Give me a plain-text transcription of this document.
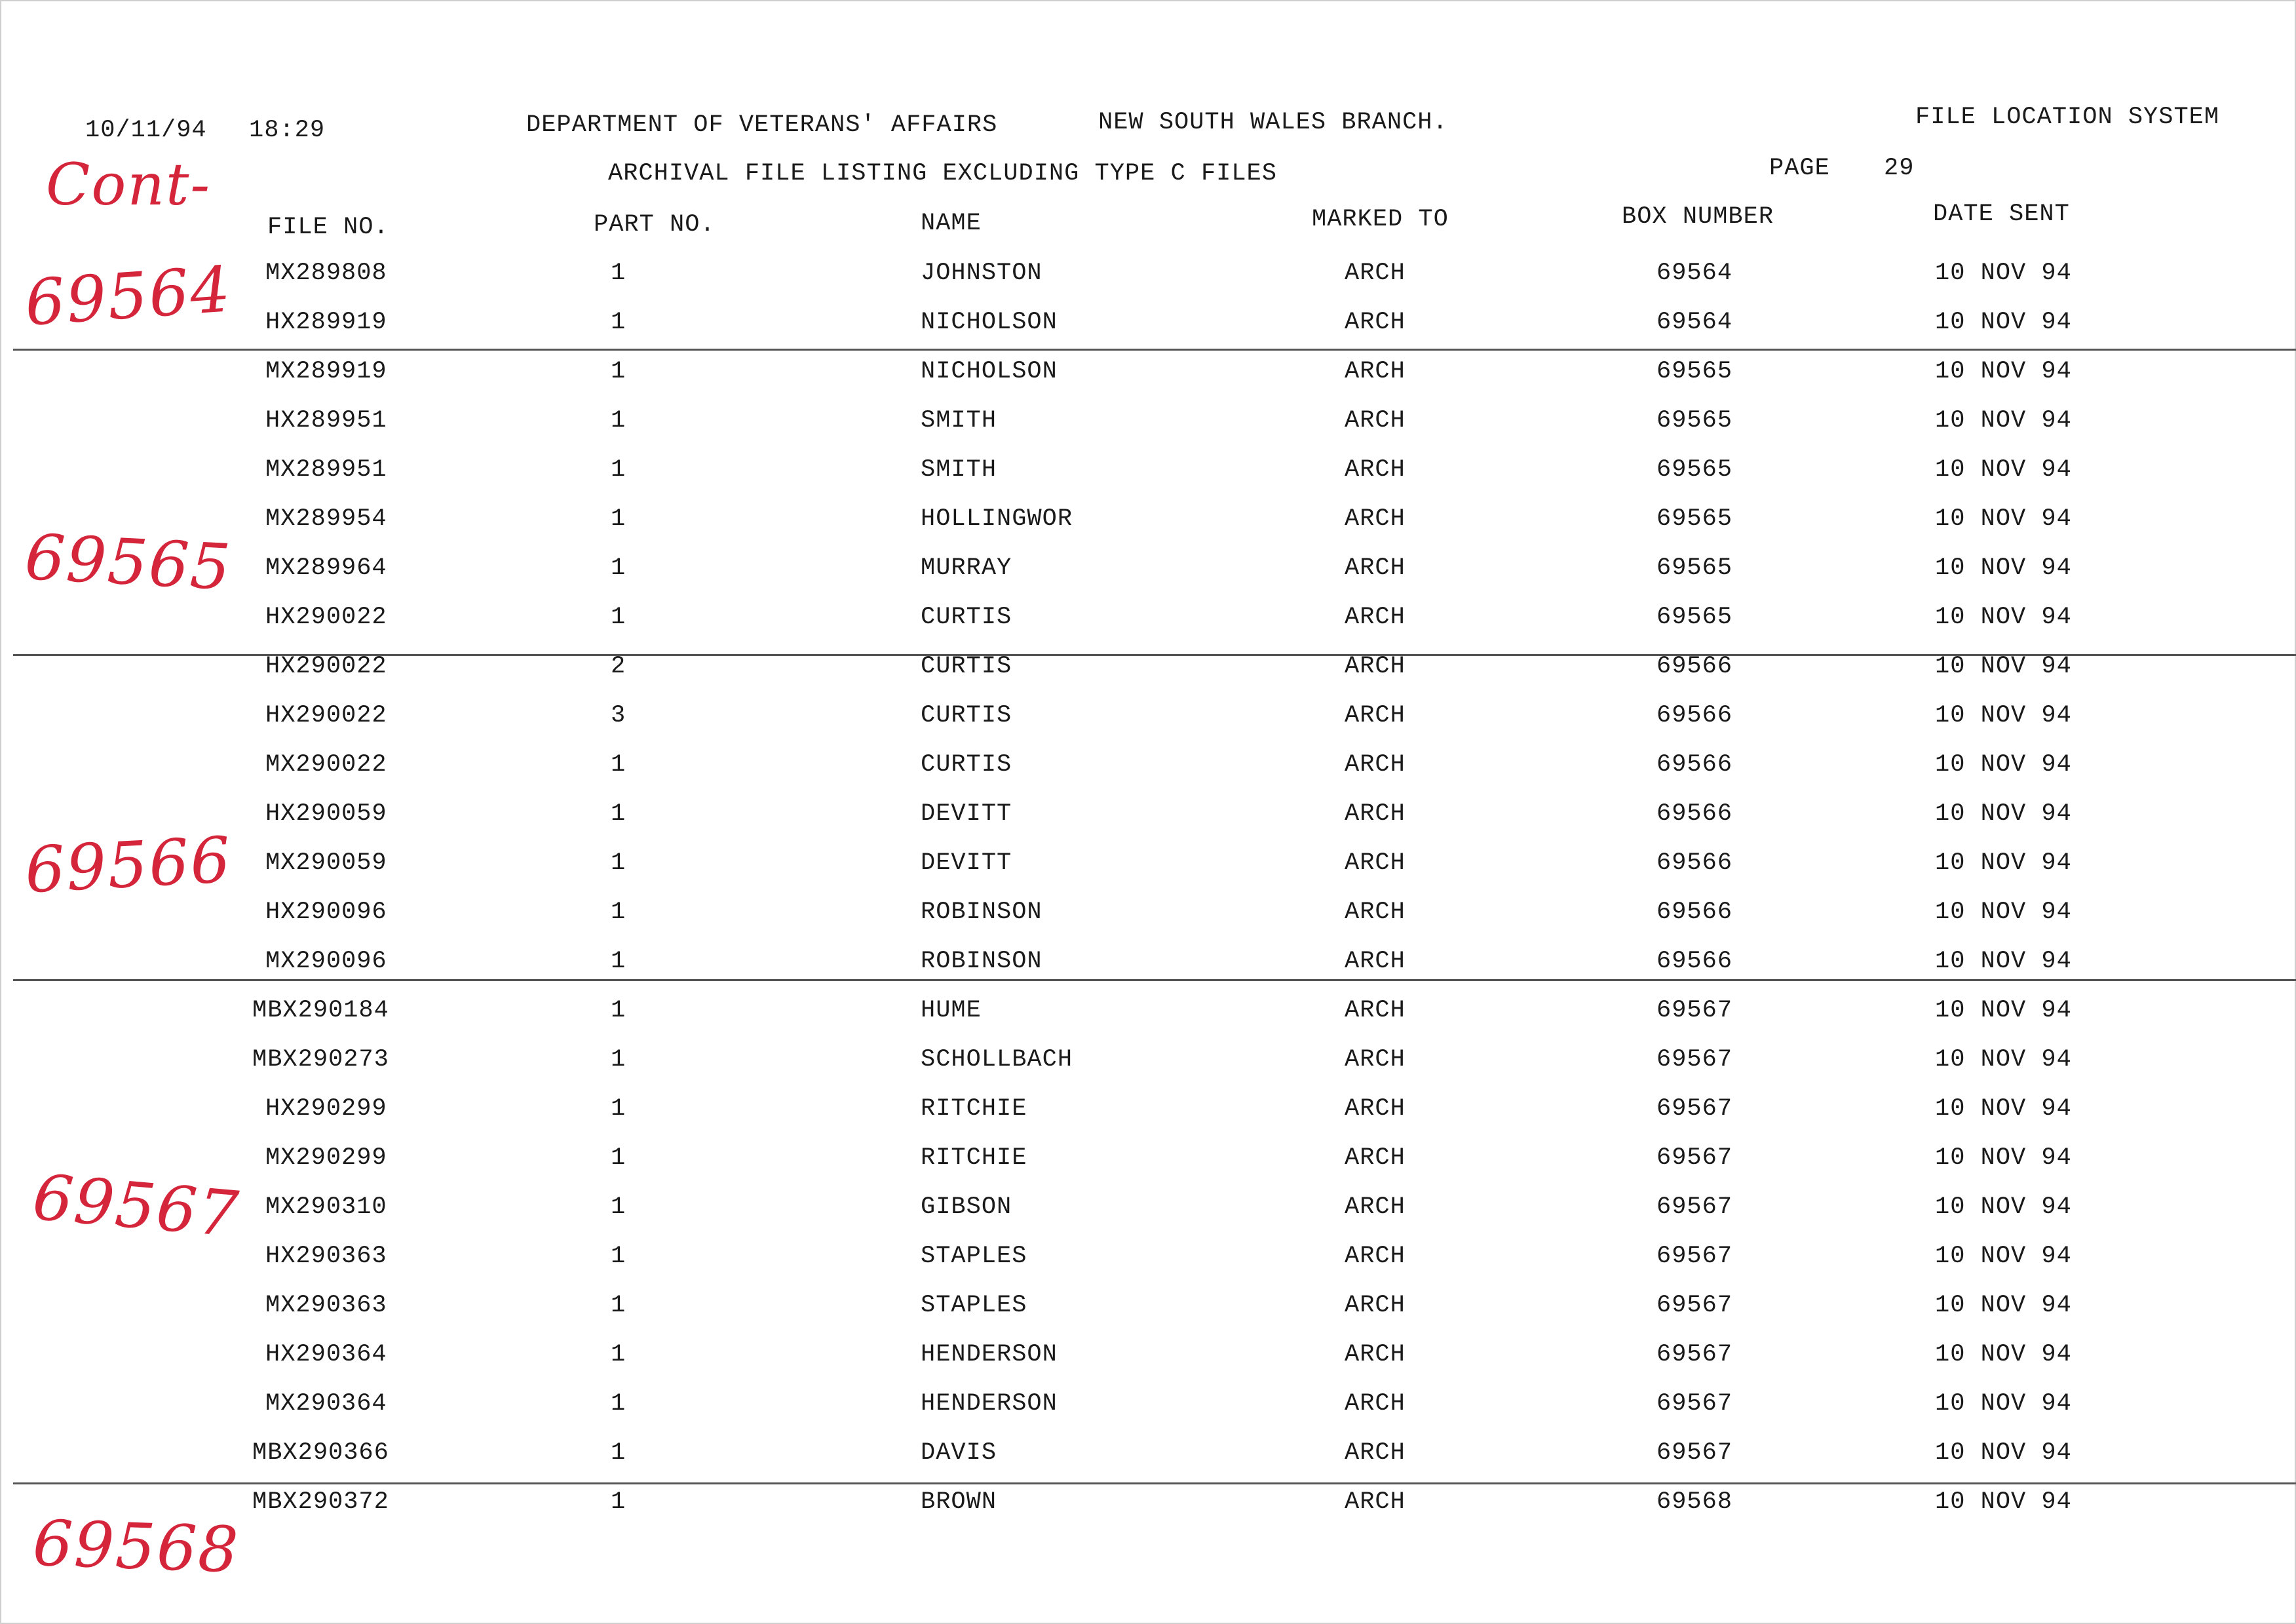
10/11/94 18:29	DEPARTMENT OF VETERANS' AFFAIRS	NEW SOUTH WALES BRANCH.	FILE LOCATION SYSTEM
ARCHIVAL FILE LISTING EXCLUDING TYPE C FILES	PAGE 29
FILE NO.	PART NO.	NAME	MARKED TO	BOX NUMBER	DATE SENT
MX289808	1	JOHNSTON	ARCH	69564	10 NOV 94
HX289919	1	NICHOLSON	ARCH	69564	10 NOV 94
MX289919	1	NICHOLSON	ARCH	69565	10 NOV 94
HX289951	1	SMITH	ARCH	69565	10 NOV 94
MX289951	1	SMITH	ARCH	69565	10 NOV 94
MX289954	1	HOLLINGWOR	ARCH	69565	10 NOV 94
MX289964	1	MURRAY	ARCH	69565	10 NOV 94
HX290022	1	CURTIS	ARCH	69565	10 NOV 94
HX290022	2	CURTIS	ARCH	69566	10 NOV 94
HX290022	3	CURTIS	ARCH	69566	10 NOV 94
MX290022	1	CURTIS	ARCH	69566	10 NOV 94
HX290059	1	DEVITT	ARCH	69566	10 NOV 94
MX290059	1	DEVITT	ARCH	69566	10 NOV 94
HX290096	1	ROBINSON	ARCH	69566	10 NOV 94
MX290096	1	ROBINSON	ARCH	69566	10 NOV 94
MBX290184	1	HUME	ARCH	69567	10 NOV 94
MBX290273	1	SCHOLLBACH	ARCH	69567	10 NOV 94
HX290299	1	RITCHIE	ARCH	69567	10 NOV 94
MX290299	1	RITCHIE	ARCH	69567	10 NOV 94
MX290310	1	GIBSON	ARCH	69567	10 NOV 94
HX290363	1	STAPLES	ARCH	69567	10 NOV 94
MX290363	1	STAPLES	ARCH	69567	10 NOV 94
HX290364	1	HENDERSON	ARCH	69567	10 NOV 94
MX290364	1	HENDERSON	ARCH	69567	10 NOV 94
MBX290366	1	DAVIS	ARCH	69567	10 NOV 94
MBX290372	1	BROWN	ARCH	69568	10 NOV 94
Cont-
69564
69565
69566
69567
69568
